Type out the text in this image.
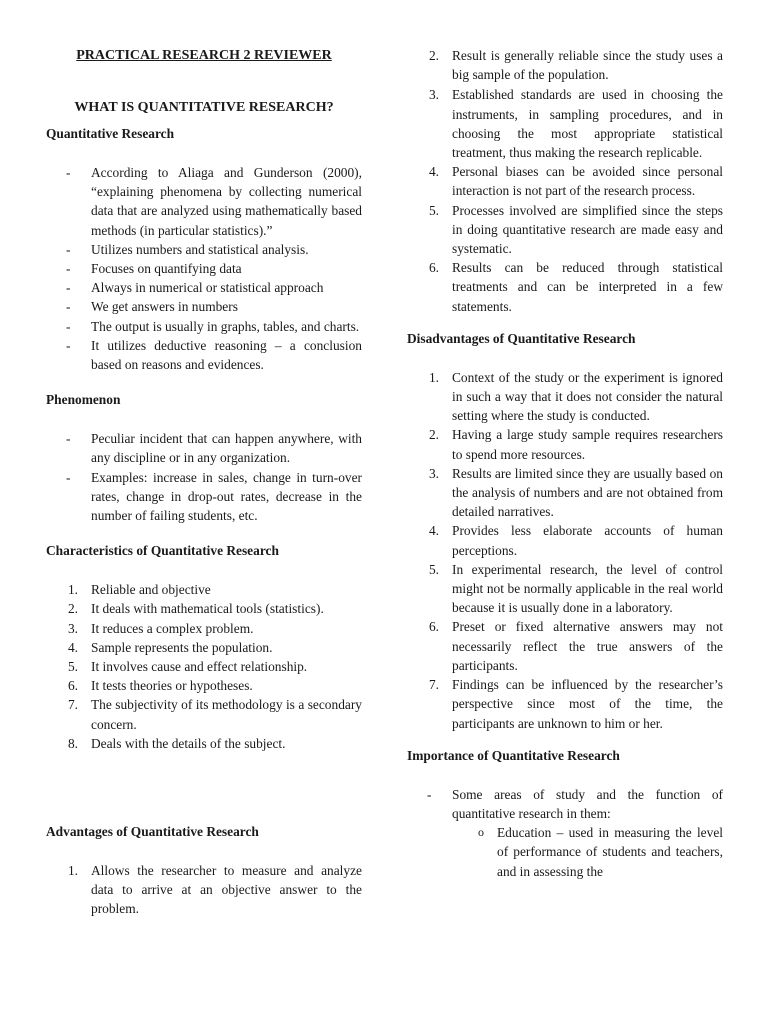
PRACTICAL RESEARCH 2 REVIEWER
WHAT IS QUANTITATIVE RESEARCH?
Quantitative Research
- According to Aliaga and Gunderson (2000), “explaining phenomena by collecting numerical data that are analyzed using mathematically based methods (in particular statistics).”
- Utilizes numbers and statistical analysis.
- Focuses on quantifying data
- Always in numerical or statistical approach
- We get answers in numbers
- The output is usually in graphs, tables, and charts.
- It utilizes deductive reasoning – a conclusion based on reasons and evidences.
Phenomenon
- Peculiar incident that can happen anywhere, with any discipline or in any organization.
- Examples: increase in sales, change in turn-over rates, change in drop-out rates, decrease in the number of failing students, etc.
Characteristics of Quantitative Research
1. Reliable and objective
2. It deals with mathematical tools (statistics).
3. It reduces a complex problem.
4. Sample represents the population.
5. It involves cause and effect relationship.
6. It tests theories or hypotheses.
7. The subjectivity of its methodology is a secondary concern.
8. Deals with the details of the subject.
Advantages of Quantitative Research
1. Allows the researcher to measure and analyze data to arrive at an objective answer to the problem.
2. Result is generally reliable since the study uses a big sample of the population.
3. Established standards are used in choosing the instruments, in sampling procedures, and in choosing the most appropriate statistical treatment, thus making the research replicable.
4. Personal biases can be avoided since personal interaction is not part of the research process.
5. Processes involved are simplified since the steps in doing quantitative research are made easy and systematic.
6. Results can be reduced through statistical treatments and can be interpreted in a few statements.
Disadvantages of Quantitative Research
1. Context of the study or the experiment is ignored in such a way that it does not consider the natural setting where the study is conducted.
2. Having a large study sample requires researchers to spend more resources.
3. Results are limited since they are usually based on the analysis of numbers and are not obtained from detailed narratives.
4. Provides less elaborate accounts of human perceptions.
5. In experimental research, the level of control might not be normally applicable in the real world because it is usually done in a laboratory.
6. Preset or fixed alternative answers may not necessarily reflect the true answers of the participants.
7. Findings can be influenced by the researcher’s perspective since most of the time, the participants are unknown to him or her.
Importance of Quantitative Research
- Some areas of study and the function of quantitative research in them:
o Education – used in measuring the level of performance of students and teachers, and in assessing the
